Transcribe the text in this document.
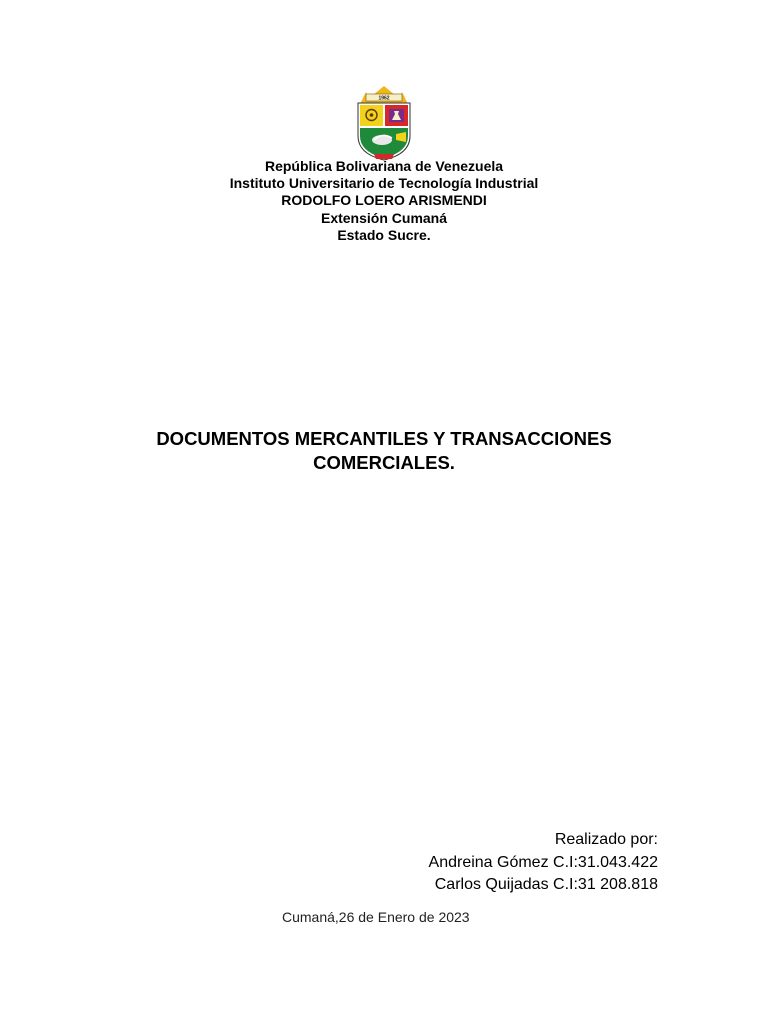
1962
República Bolivariana de Venezuela
Instituto Universitario de Tecnología Industrial
RODOLFO LOERO ARISMENDI
Extensión Cumaná
Estado Sucre.
DOCUMENTOS MERCANTILES Y TRANSACCIONES
COMERCIALES.
Realizado por:
Andreina Gómez C.I:31.043.422
Carlos Quijadas C.I:31 208.818
Cumaná,26 de Enero de 2023
